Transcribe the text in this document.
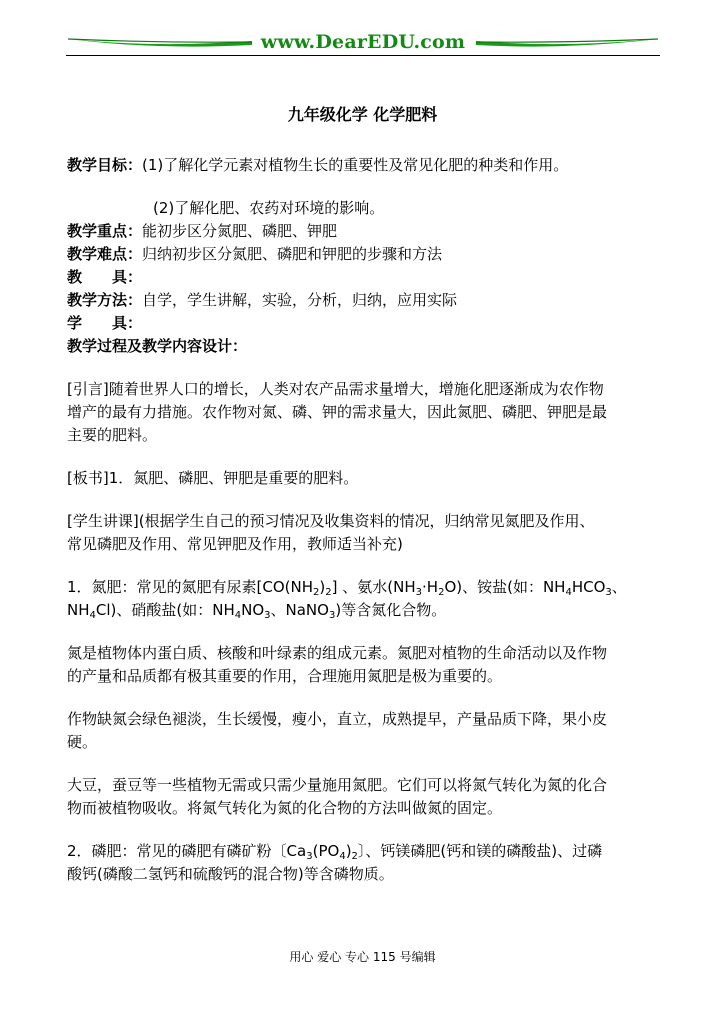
www.DearEDU.com
九年级化学 化学肥料
教学目标：(1)了解化学元素对植物生长的重要性及常见化肥的种类和作用。
(2)了解化肥、农药对环境的影响。
教学重点：能初步区分氮肥、磷肥、钾肥
教学难点：归纳初步区分氮肥、磷肥和钾肥的步骤和方法
教　　具：
教学方法：自学，学生讲解，实验，分析，归纳，应用实际
学　　具：
教学过程及教学内容设计：
[引言]随着世界人口的增长，人类对农产品需求量增大，增施化肥逐渐成为农作物
增产的最有力措施。农作物对氮、磷、钾的需求量大，因此氮肥、磷肥、钾肥是最
主要的肥料。
[板书]1．氮肥、磷肥、钾肥是重要的肥料。
[学生讲课](根据学生自己的预习情况及收集资料的情况，归纳常见氮肥及作用、
常见磷肥及作用、常见钾肥及作用，教师适当补充)
1．氮肥：常见的氮肥有尿素$[CO(NH_2)_2]$ 、氨水$(NH_3\cdot H_2O)$、铵盐(如：$NH_4HCO_3$、
$NH_4Cl$)、硝酸盐(如：$NH_4NO_3$、NaNO$_3$)等含氮化合物。
氮是植物体内蛋白质、核酸和叶绿素的组成元素。氮肥对植物的生命活动以及作物
的产量和品质都有极其重要的作用，合理施用氮肥是极为重要的。
作物缺氮会绿色褪淡，生长缓慢，瘦小，直立，成熟提早，产量品质下降，果小皮
硬。
大豆，蚕豆等一些植物无需或只需少量施用氮肥。它们可以将氮气转化为氮的化合
物而被植物吸收。将氮气转化为氮的化合物的方法叫做氮的固定。
2．磷肥：常见的磷肥有磷矿粉〔$Ca_3(PO_4)_2$〕、钙镁磷肥(钙和镁的磷酸盐)、过磷
酸钙(磷酸二氢钙和硫酸钙的混合物)等含磷物质。
用心 爱心 专心 115 号编辑
